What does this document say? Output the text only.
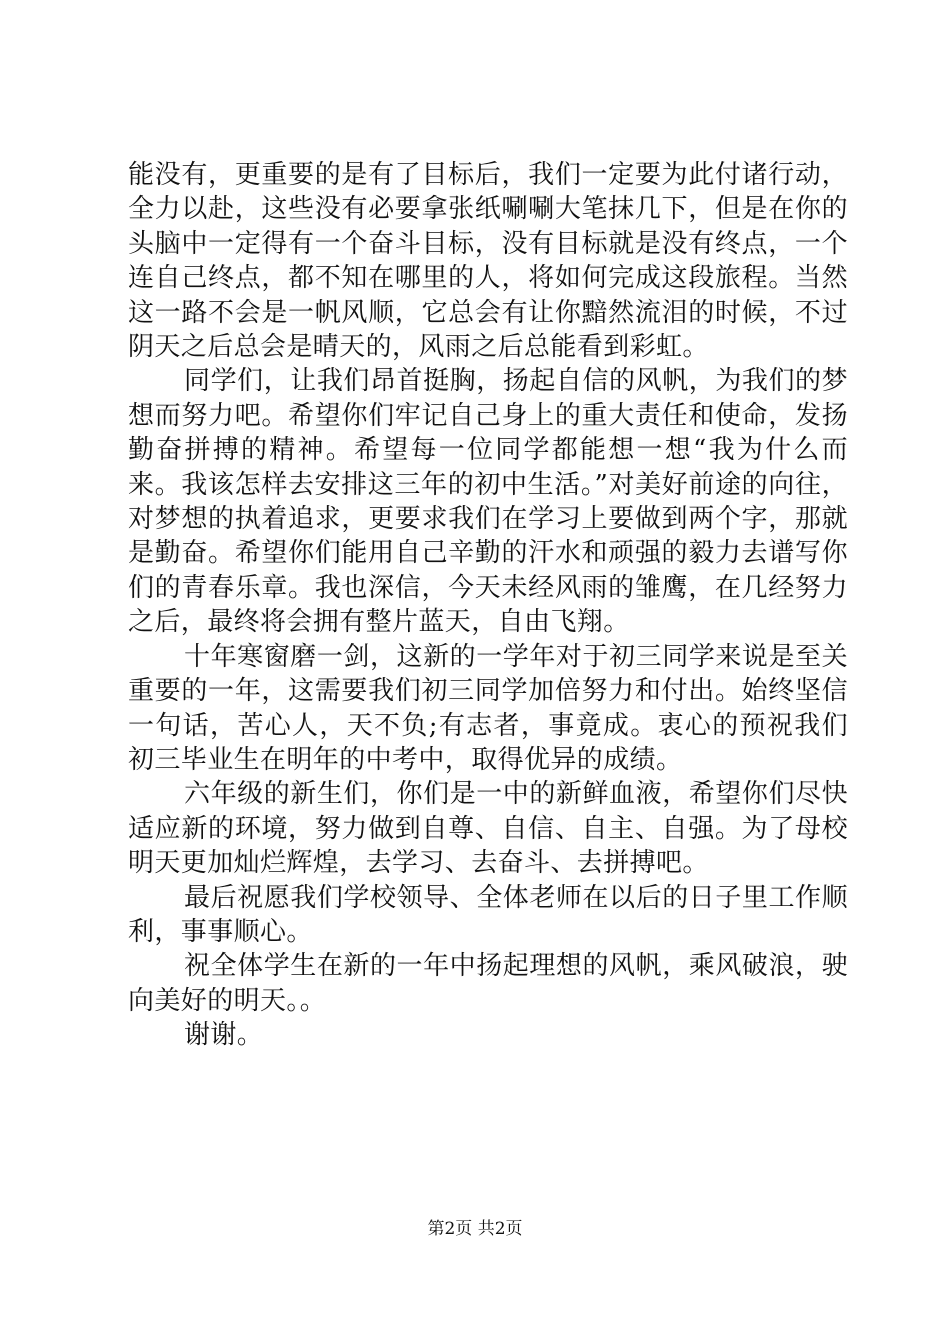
能没有，更重要的是有了目标后，我们一定要为此付诸行动，全力以赴，这些没有必要拿张纸唰唰大笔抹几下，但是在你的头脑中一定得有一个奋斗目标，没有目标就是没有终点，一个连自己终点，都不知在哪里的人，将如何完成这段旅程。当然这一路不会是一帆风顺，它总会有让你黯然流泪的时候，不过阴天之后总会是晴天的，风雨之后总能看到彩虹。

同学们，让我们昂首挺胸，扬起自信的风帆，为我们的梦想而努力吧。希望你们牢记自己身上的重大责任和使命，发扬勤奋拼搏的精神。希望每一位同学都能想一想“我为什么而来。我该怎样去安排这三年的初中生活。”对美好前途的向往，对梦想的执着追求，更要求我们在学习上要做到两个字，那就是勤奋。希望你们能用自己辛勤的汗水和顽强的毅力去谱写你们的青春乐章。我也深信，今天未经风雨的雏鹰，在几经努力之后，最终将会拥有整片蓝天，自由飞翔。

十年寒窗磨一剑，这新的一学年对于初三同学来说是至关重要的一年，这需要我们初三同学加倍努力和付出。始终坚信一句话，苦心人，天不负;有志者，事竟成。衷心的预祝我们初三毕业生在明年的中考中，取得优异的成绩。

六年级的新生们，你们是一中的新鲜血液，希望你们尽快适应新的环境，努力做到自尊、自信、自主、自强。为了母校明天更加灿烂辉煌，去学习、去奋斗、去拼搏吧。

最后祝愿我们学校领导、全体老师在以后的日子里工作顺利，事事顺心。

祝全体学生在新的一年中扬起理想的风帆，乘风破浪，驶向美好的明天。。

谢谢。

第2页 共2页
